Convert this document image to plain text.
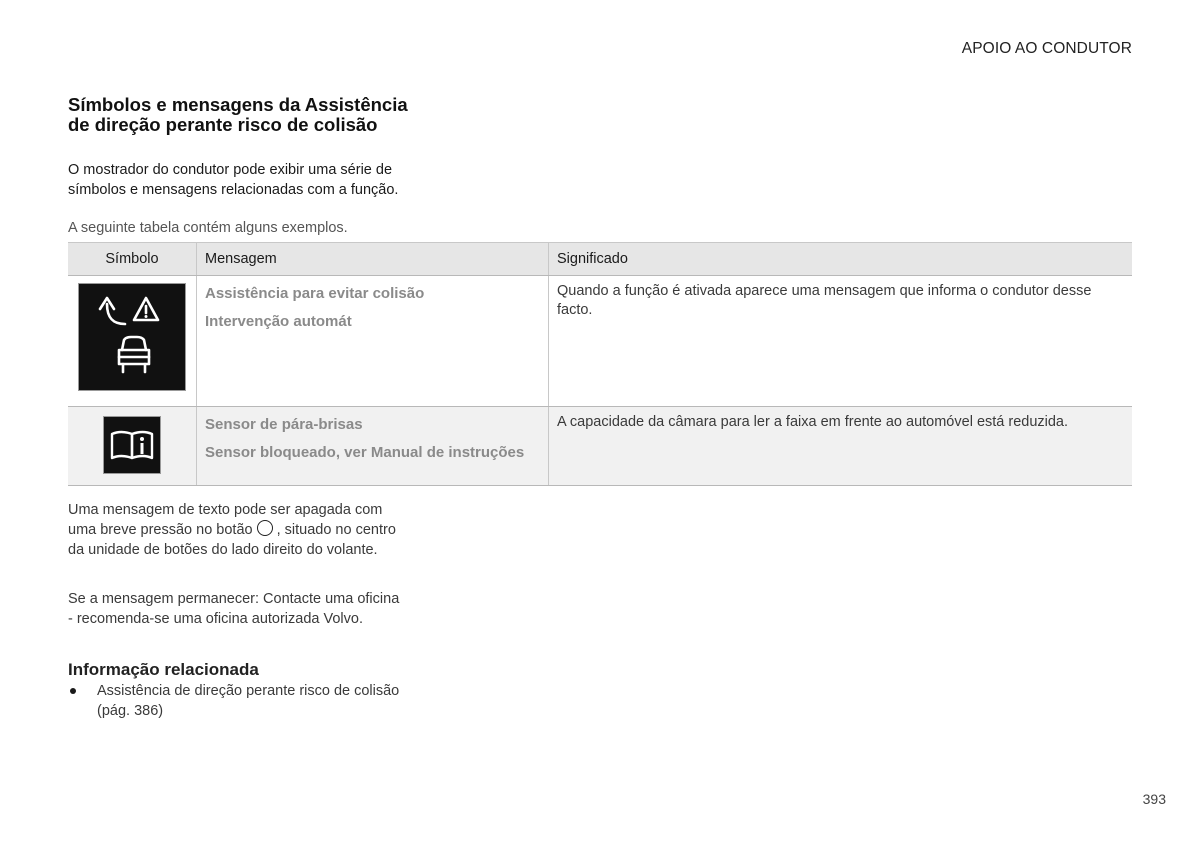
APOIO AO CONDUTOR
Símbolos e mensagens da Assistência de direção perante risco de colisão
O mostrador do condutor pode exibir uma série de símbolos e mensagens relacionadas com a função.
A seguinte tabela contém alguns exemplos.
Símbolo	Mensagem	Significado

Assistência para evitar colisão
Intervenção automát	Quando a função é ativada aparece uma mensagem que informa o condutor desse facto.

Sensor de pára-brisas
Sensor bloqueado, ver Manual de instruções	A capacidade da câmara para ler a faixa em frente ao automóvel está reduzida.
Uma mensagem de texto pode ser apagada com uma breve pressão no botão , situado no centro da unidade de botões do lado direito do volante.
Se a mensagem permanecer: Contacte uma oficina - recomenda-se uma oficina autorizada Volvo.
Informação relacionada
Assistência de direção perante risco de colisão (pág. 386)
393
